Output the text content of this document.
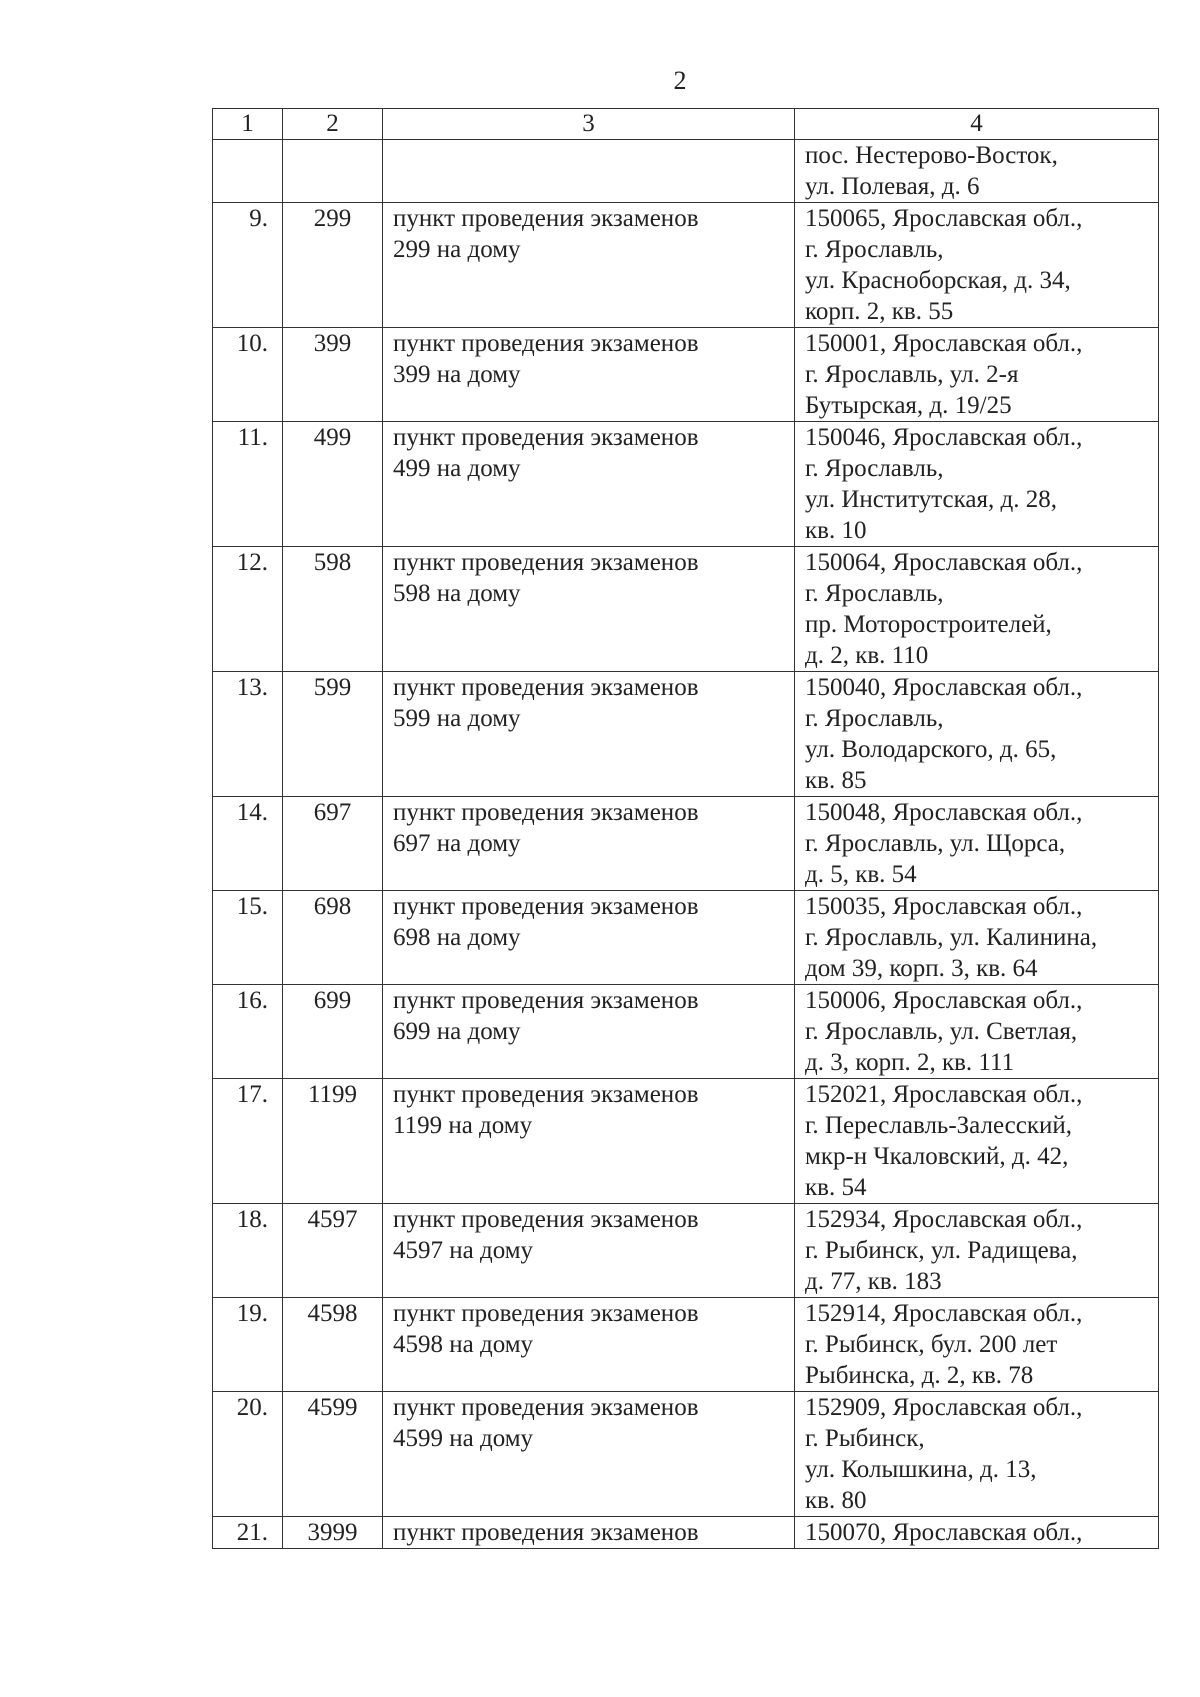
2
1	2	3	4

			пос. Нестерово-Восток,
ул. Полевая, д. 6

9.	299	пункт проведения экзаменов
299 на дому	150065, Ярославская обл.,
г. Ярославль,
ул. Красноборская, д. 34,
корп. 2, кв. 55

10.	399	пункт проведения экзаменов
399 на дому	150001, Ярославская обл.,
г. Ярославль, ул. 2-я
Бутырская, д. 19/25

11.	499	пункт проведения экзаменов
499 на дому	150046, Ярославская обл.,
г. Ярославль,
ул. Институтская, д. 28,
кв. 10

12.	598	пункт проведения экзаменов
598 на дому	150064, Ярославская обл.,
г. Ярославль,
пр. Моторостроителей,
д. 2, кв. 110

13.	599	пункт проведения экзаменов
599 на дому	150040, Ярославская обл.,
г. Ярославль,
ул. Володарского, д. 65,
кв. 85

14.	697	пункт проведения экзаменов
697 на дому	150048, Ярославская обл.,
г. Ярославль, ул. Щорса,
д. 5, кв. 54

15.	698	пункт проведения экзаменов
698 на дому	150035, Ярославская обл.,
г. Ярославль, ул. Калинина,
дом 39, корп. 3, кв. 64

16.	699	пункт проведения экзаменов
699 на дому	150006, Ярославская обл.,
г. Ярославль, ул. Светлая,
д. 3, корп. 2, кв. 111

17.	1199	пункт проведения экзаменов
1199 на дому	152021, Ярославская обл.,
г. Переславль-Залесский,
мкр-н Чкаловский, д. 42,
кв. 54

18.	4597	пункт проведения экзаменов
4597 на дому	152934, Ярославская обл.,
г. Рыбинск, ул. Радищева,
д. 77, кв. 183

19.	4598	пункт проведения экзаменов
4598 на дому	152914, Ярославская обл.,
г. Рыбинск, бул. 200 лет
Рыбинска, д. 2, кв. 78

20.	4599	пункт проведения экзаменов
4599 на дому	152909, Ярославская обл.,
г. Рыбинск,
ул. Колышкина, д. 13,
кв. 80

21.	3999	пункт проведения экзаменов	150070, Ярославская обл.,
